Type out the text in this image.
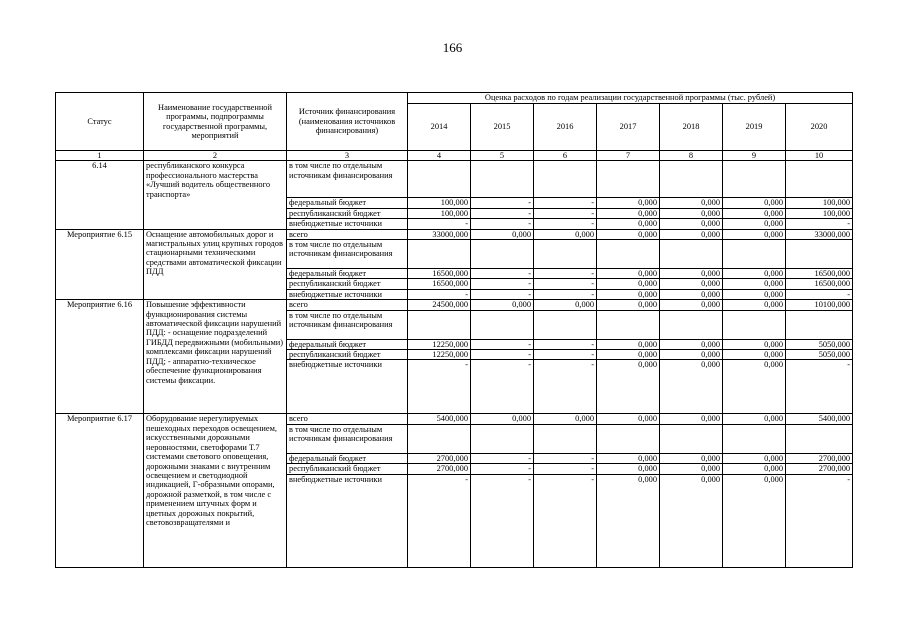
166
Статус	Наименование государственной программы, подпрограммы государственной программы, мероприятий	Источник финансирования (наименования источников финансирования)	Оценка расходов по годам реализации государственной программы (тыс. рублей)						
			2014	2015	2016	2017	2018	2019	2020
1	2	3	4	5	6	7	8	9	10
6.14	республиканского конкурса профессионального мастерства «Лучший водитель общественного транспорта»	в том числе по отдельным источникам финансирования							
		федеральный бюджет	100,000	-	-	0,000	0,000	0,000	100,000
		республиканский бюджет	100,000	-	-	0,000	0,000	0,000	100,000
		внебюджетные источники	-	-	-	0,000	0,000	0,000	-
Мероприятие 6.15	Оснащение автомобильных дорог и магистральных улиц крупных городов стационарными техническими средствами автоматической фиксации ПДД	всего	33000,000	0,000	0,000	0,000	0,000	0,000	33000,000
		в том числе по отдельным источникам финансирования							
		федеральный бюджет	16500,000	-	-	0,000	0,000	0,000	16500,000
		республиканский бюджет	16500,000	-	-	0,000	0,000	0,000	16500,000
		внебюджетные источники	-	-	-	0,000	0,000	0,000	-
Мероприятие 6.16	Повышение эффективности функционирования системы автоматической фиксации нарушений ПДД: - оснащение подразделений ГИБДД передвижными (мобильными) комплексами фиксации нарушений ПДД; - аппаратно-техническое обеспечение функционирования системы фиксации.	всего	24500,000	0,000	0,000	0,000	0,000	0,000	10100,000
		в том числе по отдельным источникам финансирования							
		федеральный бюджет	12250,000	-	-	0,000	0,000	0,000	5050,000
		республиканский бюджет	12250,000	-	-	0,000	0,000	0,000	5050,000
		внебюджетные источники	-	-	-	0,000	0,000	0,000	-
Мероприятие 6.17	Оборудование нерегулируемых пешеходных переходов освещением, искусственными дорожными неровностями, светофорами Т.7 системами светового оповещения, дорожными знаками с внутренним освещением и светодиодной индикацией, Г-образными опорами, дорожной разметкой, в том числе с применением штучных форм и цветных дорожных покрытий, световозвращателями и	всего	5400,000	0,000	0,000	0,000	0,000	0,000	5400,000
		в том числе по отдельным источникам финансирования							
		федеральный бюджет	2700,000	-	-	0,000	0,000	0,000	2700,000
		республиканский бюджет	2700,000	-	-	0,000	0,000	0,000	2700,000
		внебюджетные источники	-	-	-	0,000	0,000	0,000	-
